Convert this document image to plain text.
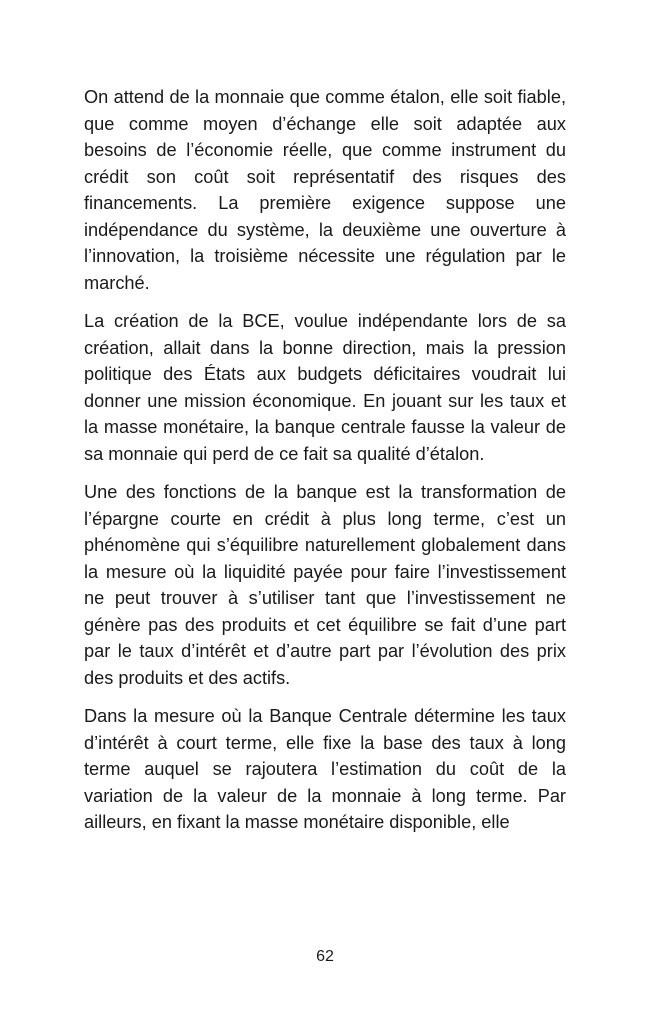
On attend de la monnaie que comme étalon, elle soit fiable, que comme moyen d’échange elle soit adaptée aux besoins de l’économie réelle, que comme instrument du crédit son coût soit représentatif des risques des financements. La première exigence suppose une indépendance du système, la deuxième une ouverture à l’innovation, la troisième nécessite une régulation par le marché.

La création de la BCE, voulue indépendante lors de sa création, allait dans la bonne direction, mais la pression politique des États aux budgets déficitaires voudrait lui donner une mission économique. En jouant sur les taux et la masse monétaire, la banque centrale fausse la valeur de sa monnaie qui perd de ce fait sa qualité d’étalon.

Une des fonctions de la banque est la transformation de l’épargne courte en crédit à plus long terme, c’est un phénomène qui s’équilibre naturellement globalement dans la mesure où la liquidité payée pour faire l’investissement ne peut trouver à s’utiliser tant que l’investissement ne génère pas des produits et cet équilibre se fait d’une part par le taux d’intérêt et d’autre part par l’évolution des prix des produits et des actifs.

Dans la mesure où la Banque Centrale détermine les taux d’intérêt à court terme, elle fixe la base des taux à long terme auquel se rajoutera l’estimation du coût de la variation de la valeur de la monnaie à long terme. Par ailleurs, en fixant la masse monétaire disponible, elle

62
